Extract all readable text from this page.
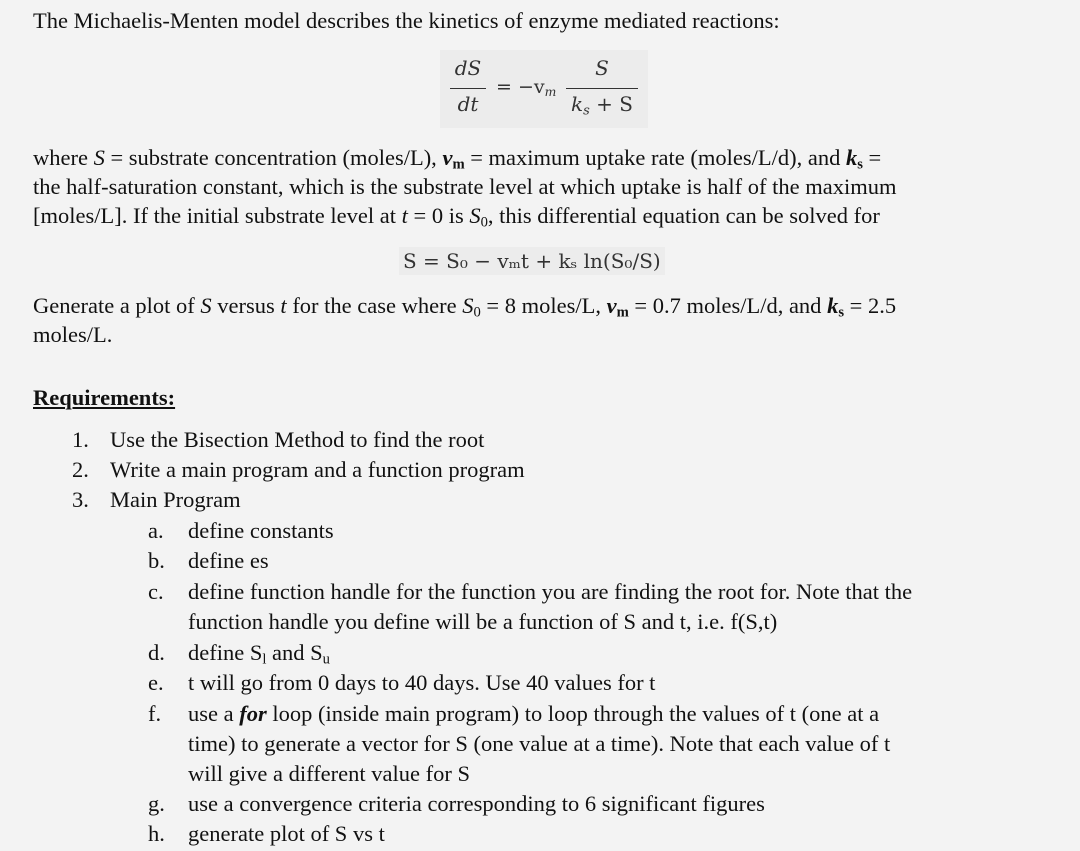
The Michaelis-Menten model describes the kinetics of enzyme mediated reactions:
dS
dt
= $-v_m$
S
$k_s + S$
where S = substrate concentration (moles/L), $v_m$ = maximum uptake rate (moles/L/d), and $k_s$ =
the half-saturation constant, which is the substrate level at which uptake is half of the maximum
[moles/L]. If the initial substrate level at t = 0 is $S_0$, this differential equation can be solved for
S = S₀ − vₘt + kₛ ln(S₀/S)
Generate a plot of S versus t for the case where $S_0 = 8$ moles/L, $v_m = 0.7$ moles/L/d, and $k_s = 2.5$
moles/L.
Requirements:
1. Use the Bisection Method to find the root
2. Write a main program and a function program
3. Main Program
a. define constants
b. define es
c. define function handle for the function you are finding the root for. Note that the
function handle you define will be a function of S and t, i.e. f(S,t)
d. define $S_l$ and $S_u$
e. t will go from 0 days to 40 days. Use 40 values for t
f. use a for loop (inside main program) to loop through the values of t (one at a
time) to generate a vector for S (one value at a time). Note that each value of t
will give a different value for S
g. use a convergence criteria corresponding to 6 significant figures
h. generate plot of S vs t
